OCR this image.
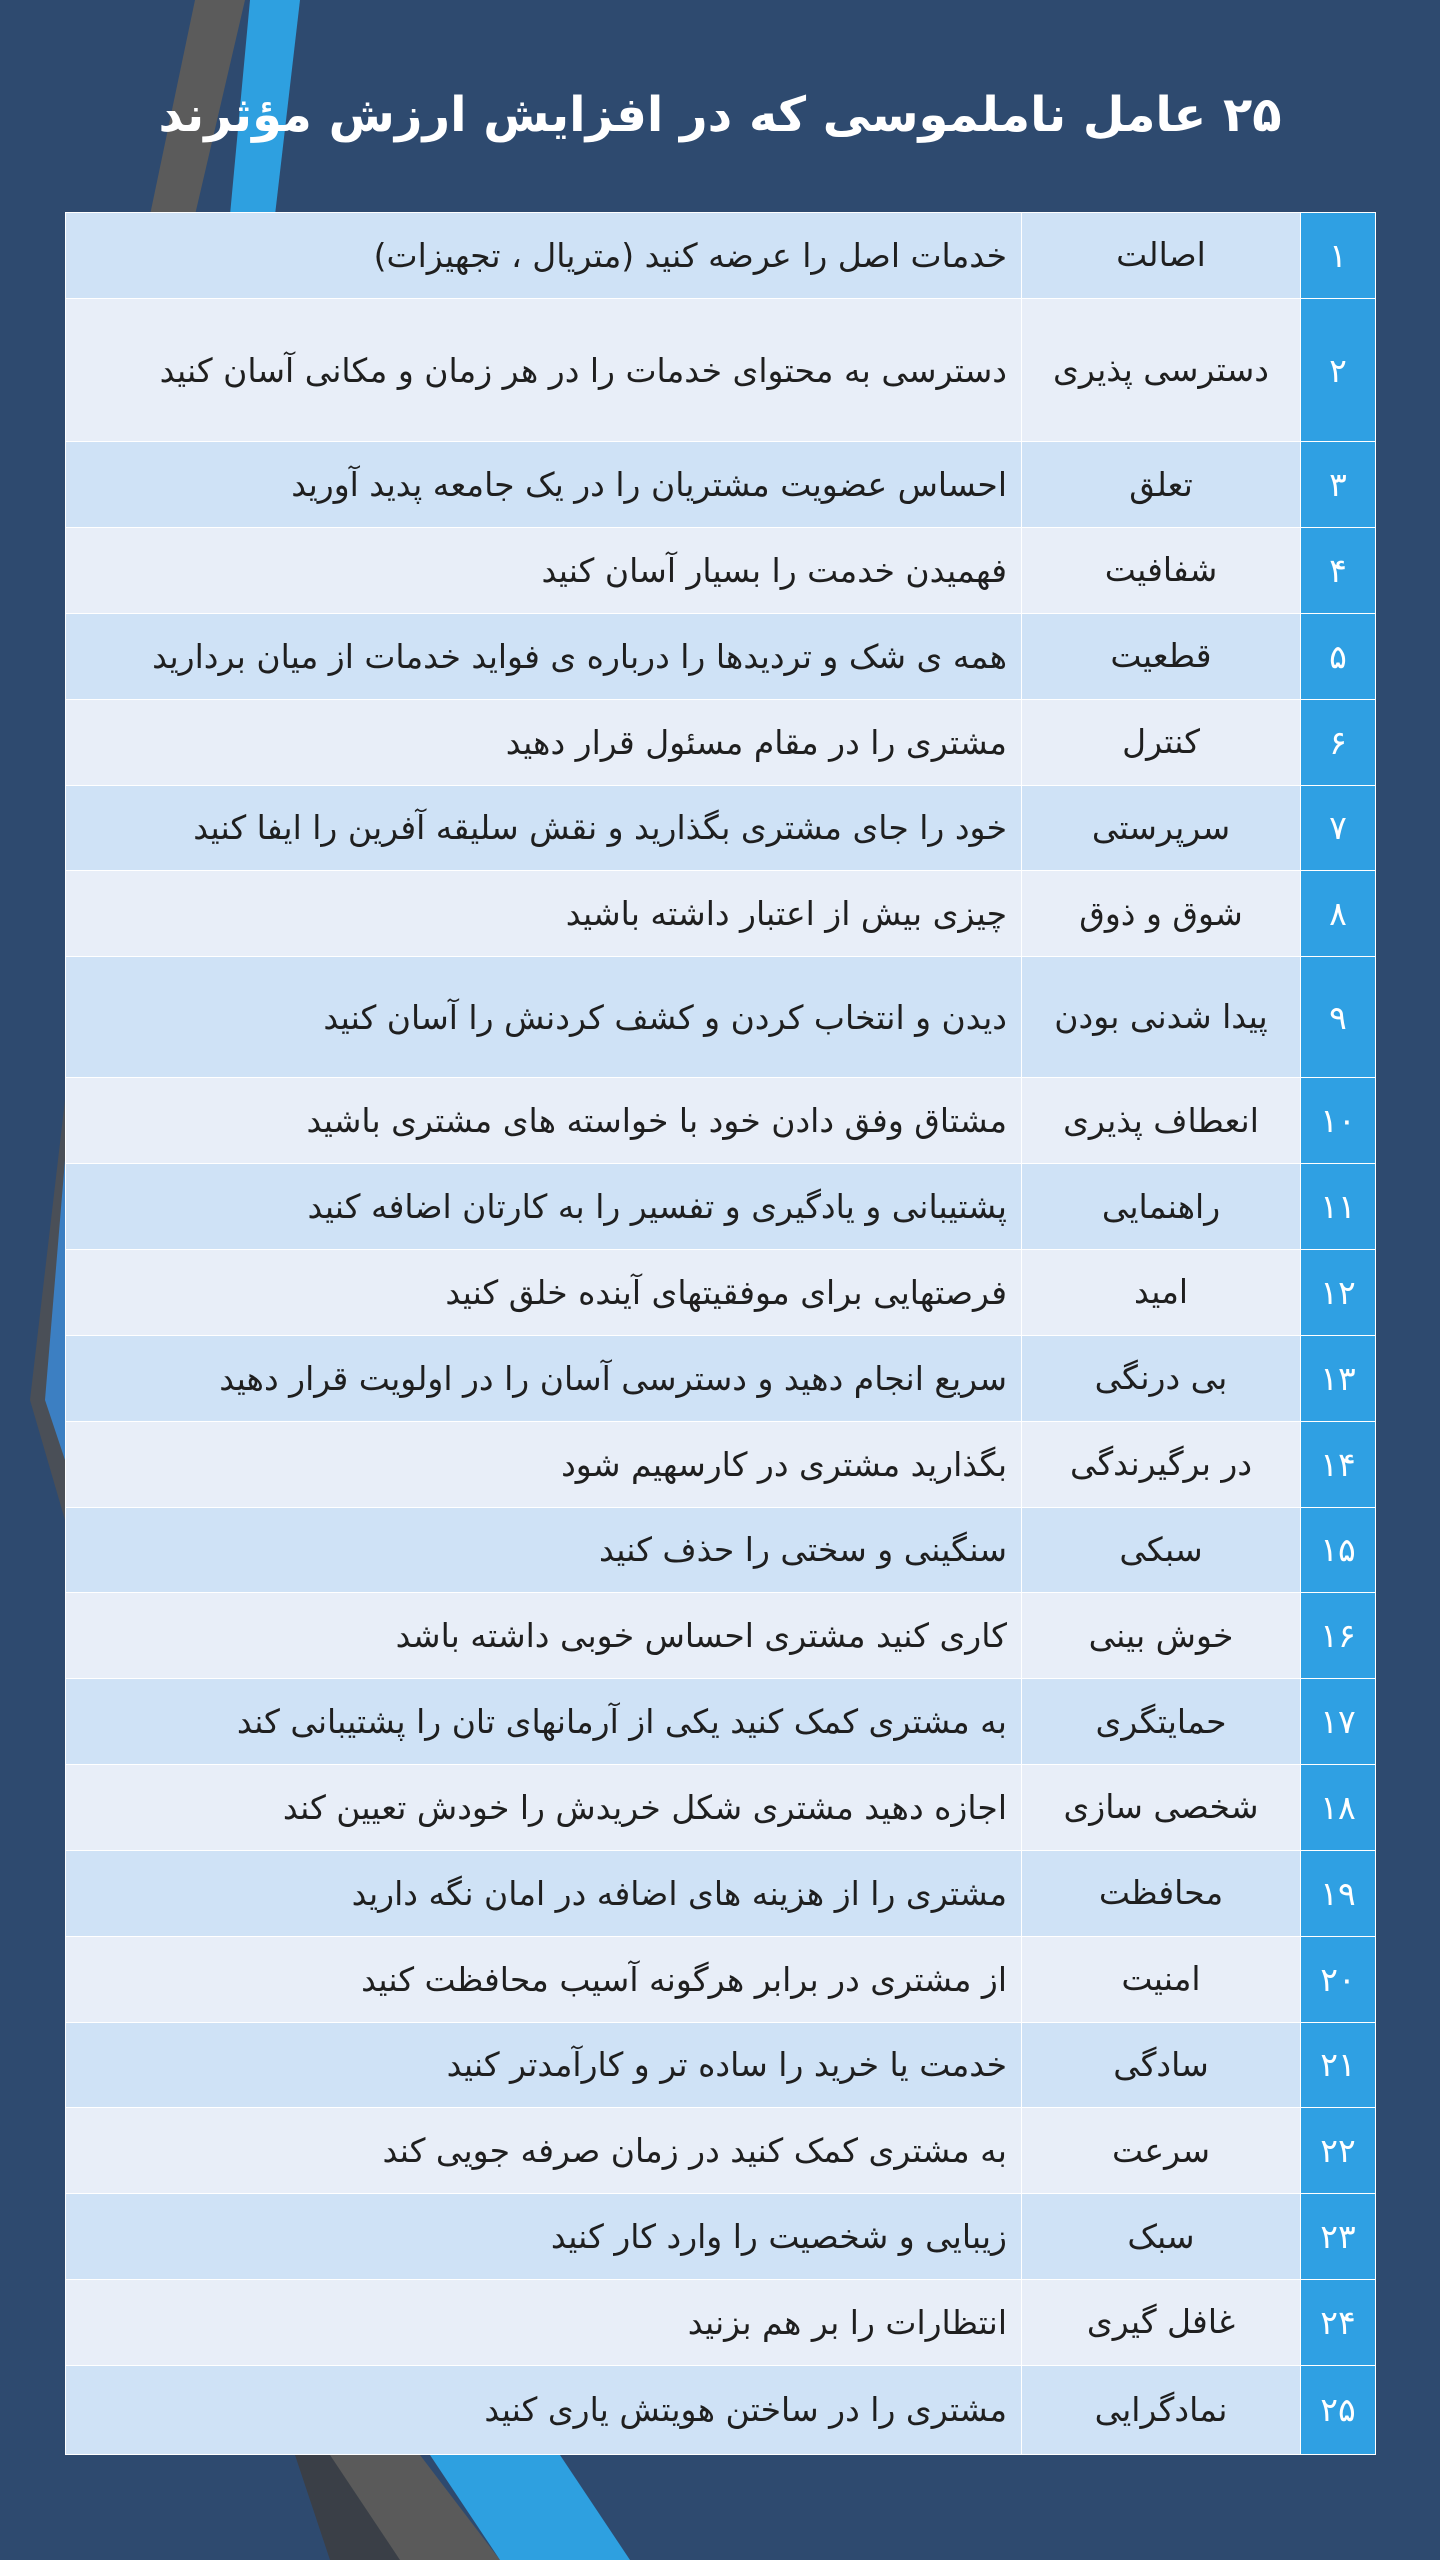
۲۵ عامل ناملموسی که در افزایش ارزش مؤثرند
۱	اصالت	خدمات اصل را عرضه کنید (متریال ، تجهیزات)
۲	دسترسی پذیری	دسترسی به محتوای خدمات را در هر زمان و مکانی آسان کنید
۳	تعلق	احساس عضویت مشتریان را در یک جامعه پدید آورید
۴	شفافیت	فهمیدن خدمت را بسیار آسان کنید
۵	قطعیت	همه ی شک و تردیدها را درباره ی فواید خدمات از میان بردارید
۶	کنترل	مشتری را در مقام مسئول قرار دهید
۷	سرپرستی	خود را جای مشتری بگذارید و نقش سلیقه آفرین را ایفا کنید
۸	شوق و ذوق	چیزی بیش از اعتبار داشته باشید
۹	پیدا شدنی بودن	دیدن و انتخاب کردن و کشف کردنش را آسان کنید
۱۰	انعطاف پذیری	مشتاق وفق دادن خود با خواسته های مشتری باشید
۱۱	راهنمایی	پشتیبانی و یادگیری و تفسیر را به کارتان اضافه کنید
۱۲	امید	فرصتهایی برای موفقیتهای آینده خلق کنید
۱۳	بی درنگی	سریع انجام دهید و دسترسی آسان را در اولویت قرار دهید
۱۴	در برگیرندگی	بگذارید مشتری در کارسهیم شود
۱۵	سبکی	سنگینی و سختی را حذف کنید
۱۶	خوش بینی	کاری کنید مشتری احساس خوبی داشته باشد
۱۷	حمایتگری	به مشتری کمک کنید یکی از آرمانهای تان را پشتیبانی کند
۱۸	شخصی سازی	اجازه دهید مشتری شکل خریدش را خودش تعیین کند
۱۹	محافظت	مشتری را از هزینه های اضافه در امان نگه دارید
۲۰	امنیت	از مشتری در برابر هرگونه آسیب محافظت کنید
۲۱	سادگی	خدمت یا خرید را ساده تر و کارآمدتر کنید
۲۲	سرعت	به مشتری کمک کنید در زمان صرفه جویی کند
۲۳	سبک	زیبایی و شخصیت را وارد کار کنید
۲۴	غافل گیری	انتظارات را بر هم بزنید
۲۵	نمادگرایی	مشتری را در ساختن هویتش یاری کنید
